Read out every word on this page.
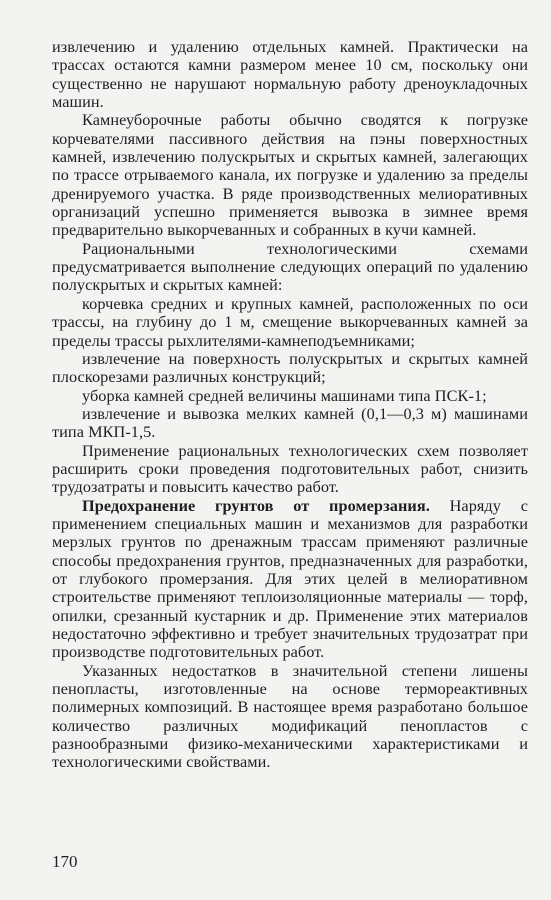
извлечению и удалению отдельных камней. Практически на трассах остаются камни размером менее 10 см, поскольку они существенно не нарушают нормальную работу дреноукладочных машин.

Камнеуборочные работы обычно сводятся к погрузке корчевателями пассивного действия на пэны поверхностных камней, извлечению полускрытых и скрытых камней, залегающих по трассе отрываемого канала, их погрузке и удалению за пределы дренируемого участка. В ряде производственных мелиоративных организаций успешно применяется вывозка в зимнее время предварительно выкорчеванных и собранных в кучи камней.

Рациональными технологическими схемами предусматривается выполнение следующих операций по удалению полускрытых и скрытых камней:

корчевка средних и крупных камней, расположенных по оси трассы, на глубину до 1 м, смещение выкорчеванных камней за пределы трассы рыхлителями-камнеподъемниками;

извлечение на поверхность полускрытых и скрытых камней плоскорезами различных конструкций;

уборка камней средней величины машинами типа ПСК-1;

извлечение и вывозка мелких камней (0,1—0,3 м) машинами типа МКП-1,5.

Применение рациональных технологических схем позволяет расширить сроки проведения подготовительных работ, снизить трудозатраты и повысить качество работ.

Предохранение грунтов от промерзания. Наряду с применением специальных машин и механизмов для разработки мерзлых грунтов по дренажным трассам применяют различные способы предохранения грунтов, предназначенных для разработки, от глубокого промерзания. Для этих целей в мелиоративном строительстве применяют теплоизоляционные материалы — торф, опилки, срезанный кустарник и др. Применение этих материалов недостаточно эффективно и требует значительных трудозатрат при производстве подготовительных работ.

Указанных недостатков в значительной степени лишены пенопласты, изготовленные на основе термореактивных полимерных композиций. В настоящее время разработано большое количество различных модификаций пенопластов с разнообразными физико-механическими характеристиками и технологическими свойствами.

170
